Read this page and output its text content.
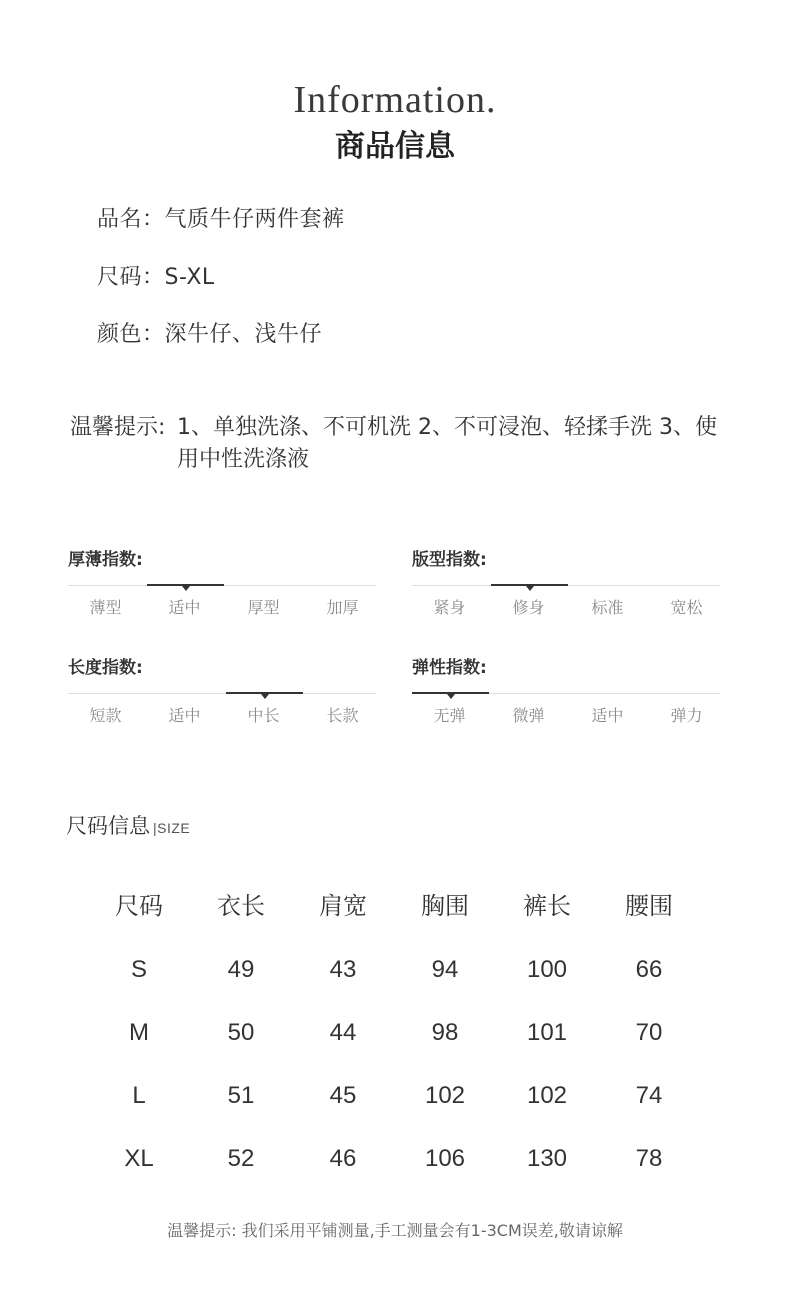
Information.
商品信息
品名：气质牛仔两件套裤
尺码：S-XL
颜色：深牛仔、浅牛仔
温馨提示: 1、单独洗涤、不可机洗 2、不可浸泡、轻揉手洗 3、使
用中性洗涤液
厚薄指数:
薄型	适中	厚型	加厚
版型指数:
紧身	修身	标准	宽松
长度指数:
短款	适中	中长	长款
弹性指数:
无弹	微弹	适中	弹力
尺码信息 |SIZE
尺码	衣长	肩宽	胸围	裤长	腰围
S	49	43	94	100	66
M	50	44	98	101	70
L	51	45	102	102	74
XL	52	46	106	130	78
温馨提示: 我们采用平铺测量,手工测量会有1-3CM误差,敬请谅解
